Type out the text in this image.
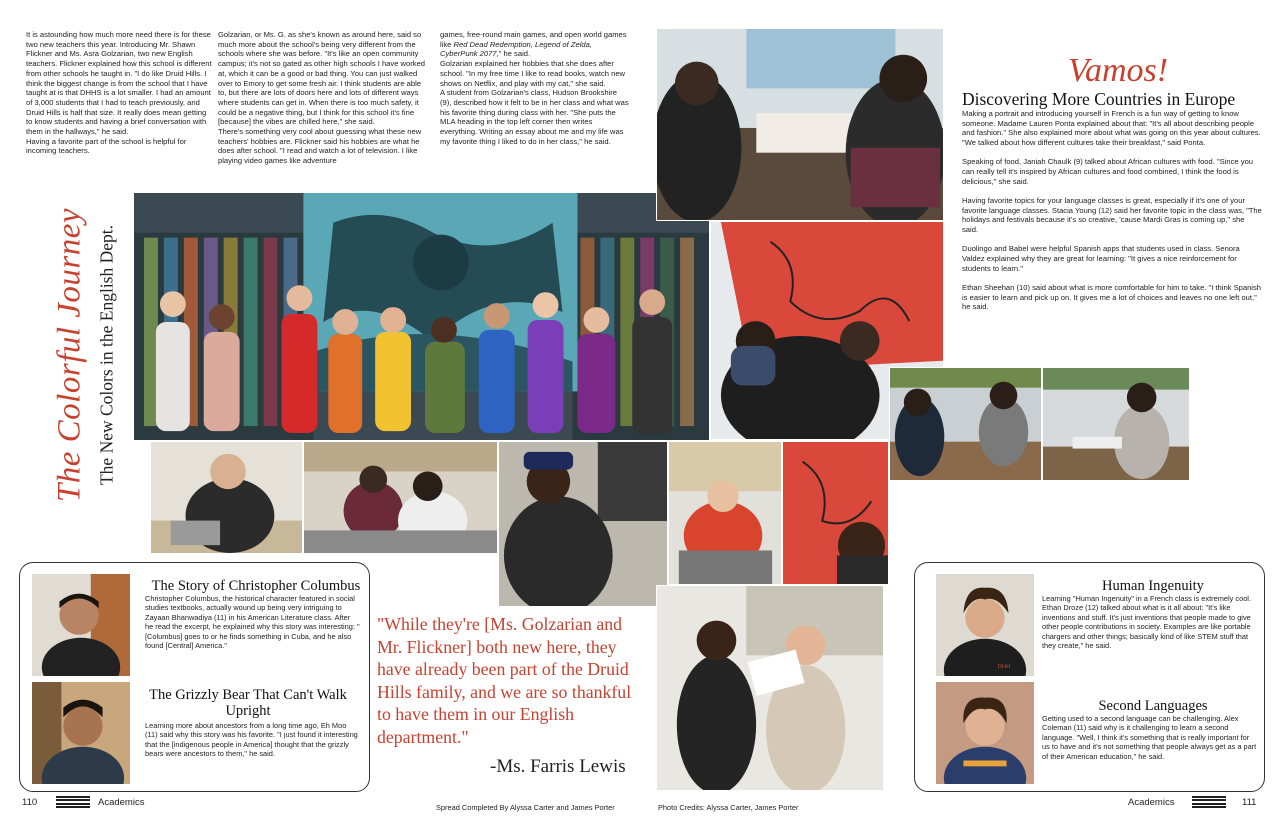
It is astounding how much more need there is for these two new teachers this year. Introducing Mr. Shawn Flickner and Ms. Asra Golzarian, two new English teachers. Flickner explained how this school is different from other schools he taught in. "I do like Druid Hills. I think the biggest change is from the school that I have taught at is that DHHS is a lot smaller. I had an amount of 3,000 students that I had to teach previously, and Druid Hills is half that size. It really does mean getting to know students and having a brief conversation with them in the hallways," he said.

Having a favorite part of the school is helpful for incoming teachers.

Golzarian, or Ms. G. as she's known as around here, said so much more about the school's being very different from the schools where she was before. "It's like an open community campus; it's not so gated as other high schools I have worked at, which it can be a good or bad thing. You can just walked over to Emory to get some fresh air. I think students are able to, but there are lots of doors here and lots of different ways where students can get in. When there is too much safety, it could be a negative thing, but I think for this school it's fine [because] the vibes are chilled here," she said.

There's something very cool about guessing what these new teachers' hobbies are. Flickner said his hobbies are what he does after school. "I read and watch a lot of television. I like playing video games like adventure

games, free-round main games, and open world games like Red Dead Redemption, Legend of Zelda, CyberPunk 2077," he said.

Golzarian explained her hobbies that she does after school. "In my free time I like to read books, watch new shows on Netflix, and play with my cat," she said.

A student from Golzarian's class, Hudson Brookshire (9), described how it felt to be in her class and what was his favorite thing during class with her. "She puts the MLA heading in the top left corner then writes everything. Writing an essay about me and my life was my favorite thing I liked to do in her class," he said.

The Colorful Journey The New Colors in the English Dept.
Vamos!
Discovering More Countries in Europe

Making a portrait and introducing yourself in French is a fun way of getting to know someone. Madame Lauren Ponta explained about that: "It's all about describing people and fashion." She also explained more about what was going on this year about cultures. "We talked about how different cultures take their breakfast," said Ponta.

Speaking of food, Janiah Chaulk (9) talked about African cultures with food. "Since you can really tell it's inspired by African cultures and food combined, I think the food is delicious," she said.

Having favorite topics for your language classes is great, especially if it's one of your favorite language classes. Stacia Young (12) said her favorite topic in the class was, "The holidays and festivals because it's so creative, 'cause Mardi Gras is coming up," she said.

Duolingo and Babel were helpful Spanish apps that students used in class. Senora Valdez explained why they are great for learning: "It gives a nice reinforcement for students to learn."

Ethan Sheehan (10) said about what is more comfortable for him to take. "I think Spanish is easier to learn and pick up on. It gives me a lot of choices and leaves no one left out," he said.

The Story of Christopher Columbus
Christopher Columbus, the historical character featured in social studies textbooks, actually wound up being very intriguing to Zayaan Bhanwadiya (11) in his American Literature class. After he read the excerpt, he explained why this story was interesting: "[Columbus] goes to or he finds something in Cuba, and he also found [Central] America."
The Grizzly Bear That Can't Walk Upright
Learning more about ancestors from a long time ago, Eh Moo (11) said why this story was his favorite. "I just found it interesting that the [indigenous people in America] thought that the grizzly bears were ancestors to them," he said.
"While they're [Ms. Golzarian and Mr. Flickner] both new here, they have already been part of the Druid Hills family, and we are so thankful to have them in our English department."
-Ms. Farris Lewis
DHH
Human Ingenuity
Learning "Human Ingenuity" in a French class is extremely cool. Ethan Droze (12) talked about what is it all about: "It's like inventions and stuff. It's just inventions that people made to give other people contributions in society. Examples are like portable chargers and other things; basically kind of like STEM stuff that they create," he said.
Second Languages
Getting used to a second language can be challenging. Alex Coleman (11) said why is it challenging to learn a second language. "Well, I think it's something that is really important for us to have and it's not something that people always get as a part of their American education," he said.
110	Academics	Spread Completed By Alyssa Carter and James Porter	Photo Credits: Alyssa Carter, James Porter	Academics	111
